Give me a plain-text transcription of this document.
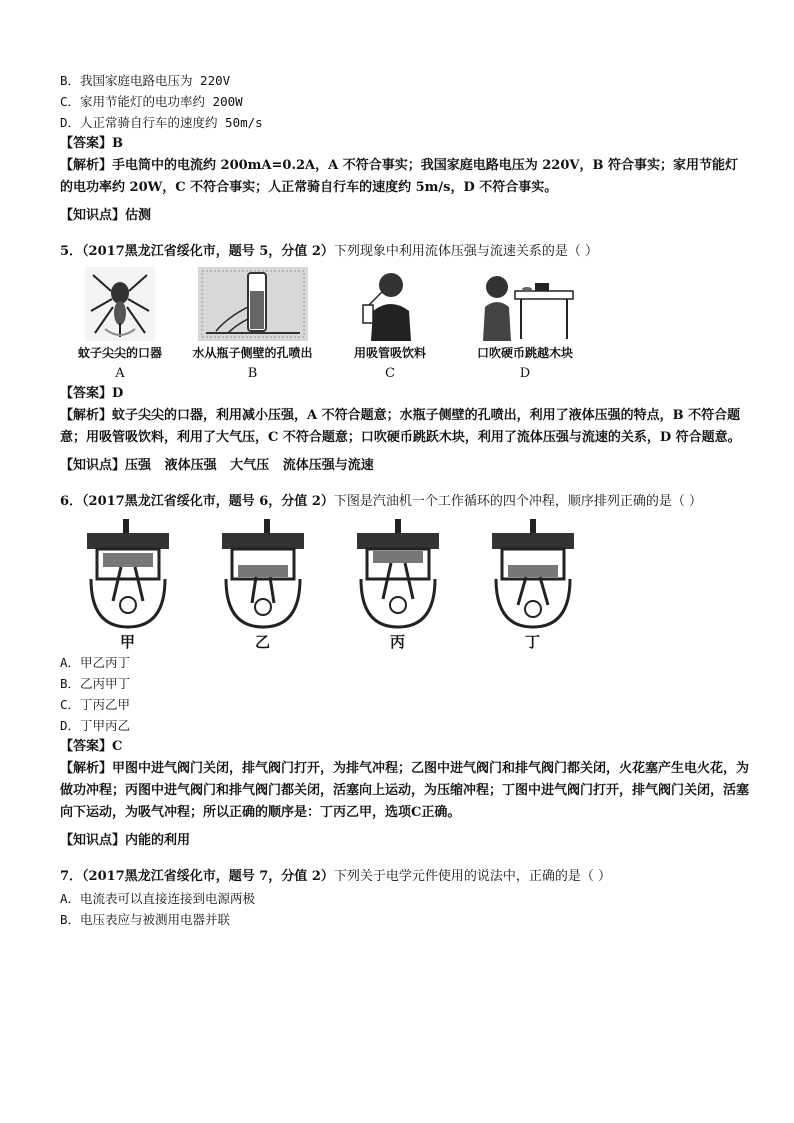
B．我国家庭电路电压为 220V
C．家用节能灯的电功率约 200W
D．人正常骑自行车的速度约 50m/s
【答案】B
【解析】手电筒中的电流约 200mA=0.2A，A 不符合事实；我国家庭电路电压为 220V，B 符合事实；家用节能灯的电功率约 20W，C 不符合事实；人正常骑自行车的速度约 5m/s，D 不符合事实。
【知识点】估测
5．（2017黑龙江省绥化市，题号 5，分值 2）下列现象中利用流体压强与流速关系的是（ ）
蚊子尖尖的口器
A
水从瓶子侧壁的孔喷出
B
用吸管吸饮料
C
口吹硬币跳越木块
D
【答案】D
【解析】蚊子尖尖的口器，利用减小压强，A 不符合题意；水瓶子侧壁的孔喷出，利用了液体压强的特点，B 不符合题意；用吸管吸饮料，利用了大气压，C 不符合题意；口吹硬币跳跃木块，利用了流体压强与流速的关系，D 符合题意。
【知识点】压强   液体压强   大气压   流体压强与流速
6．（2017黑龙江省绥化市，题号 6，分值 2）下图是汽油机一个工作循环的四个冲程，顺序排列正确的是（ ）
甲	乙	丙	丁
A．甲乙丙丁
B．乙丙甲丁
C．丁丙乙甲
D．丁甲丙乙
【答案】C
【解析】甲图中进气阀门关闭，排气阀门打开，为排气冲程；乙图中进气阀门和排气阀门都关闭，火花塞产生电火花，为做功冲程；丙图中进气阀门和排气阀门都关闭，活塞向上运动，为压缩冲程；丁图中进气阀门打开，排气阀门关闭，活塞向下运动，为吸气冲程；所以正确的顺序是：丁丙乙甲，选项C正确。
【知识点】内能的利用
7．（2017黑龙江省绥化市，题号 7，分值 2）下列关于电学元件使用的说法中，正确的是（ ）
A．电流表可以直接连接到电源两极
B．电压表应与被测用电器并联
